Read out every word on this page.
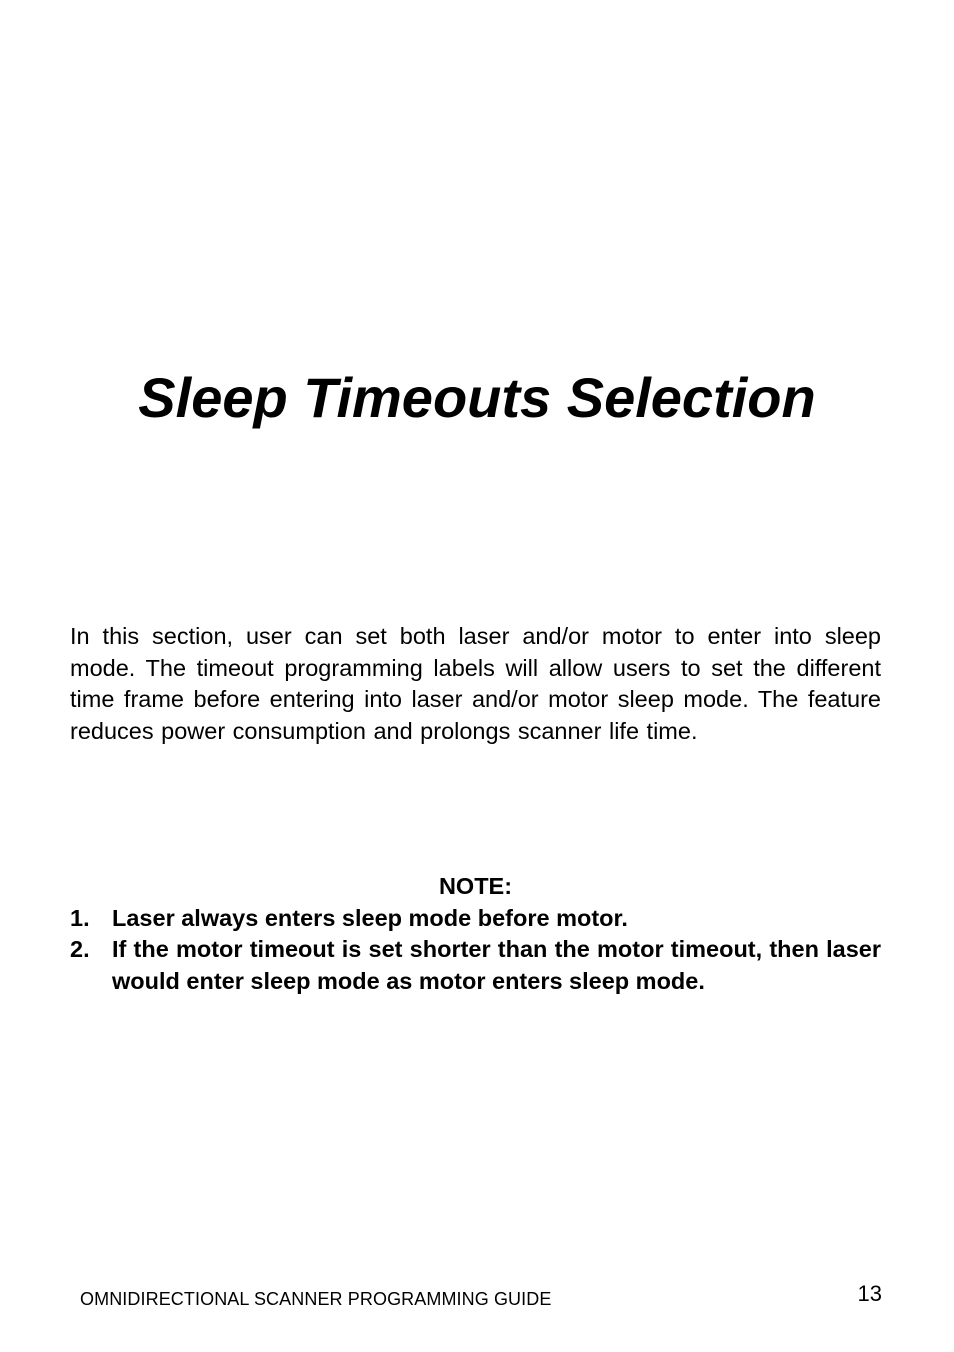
Sleep Timeouts Selection

In this section, user can set both laser and/or motor to enter into sleep mode. The timeout programming labels will allow users to set the different time frame before entering into laser and/or motor sleep mode. The feature reduces power consumption and prolongs scanner life time.

NOTE:

1. Laser always enters sleep mode before motor.
2. If the motor timeout is set shorter than the motor timeout, then laser would enter sleep mode as motor enters sleep mode.
OMNIDIRECTIONAL SCANNER PROGRAMMING GUIDE	13
